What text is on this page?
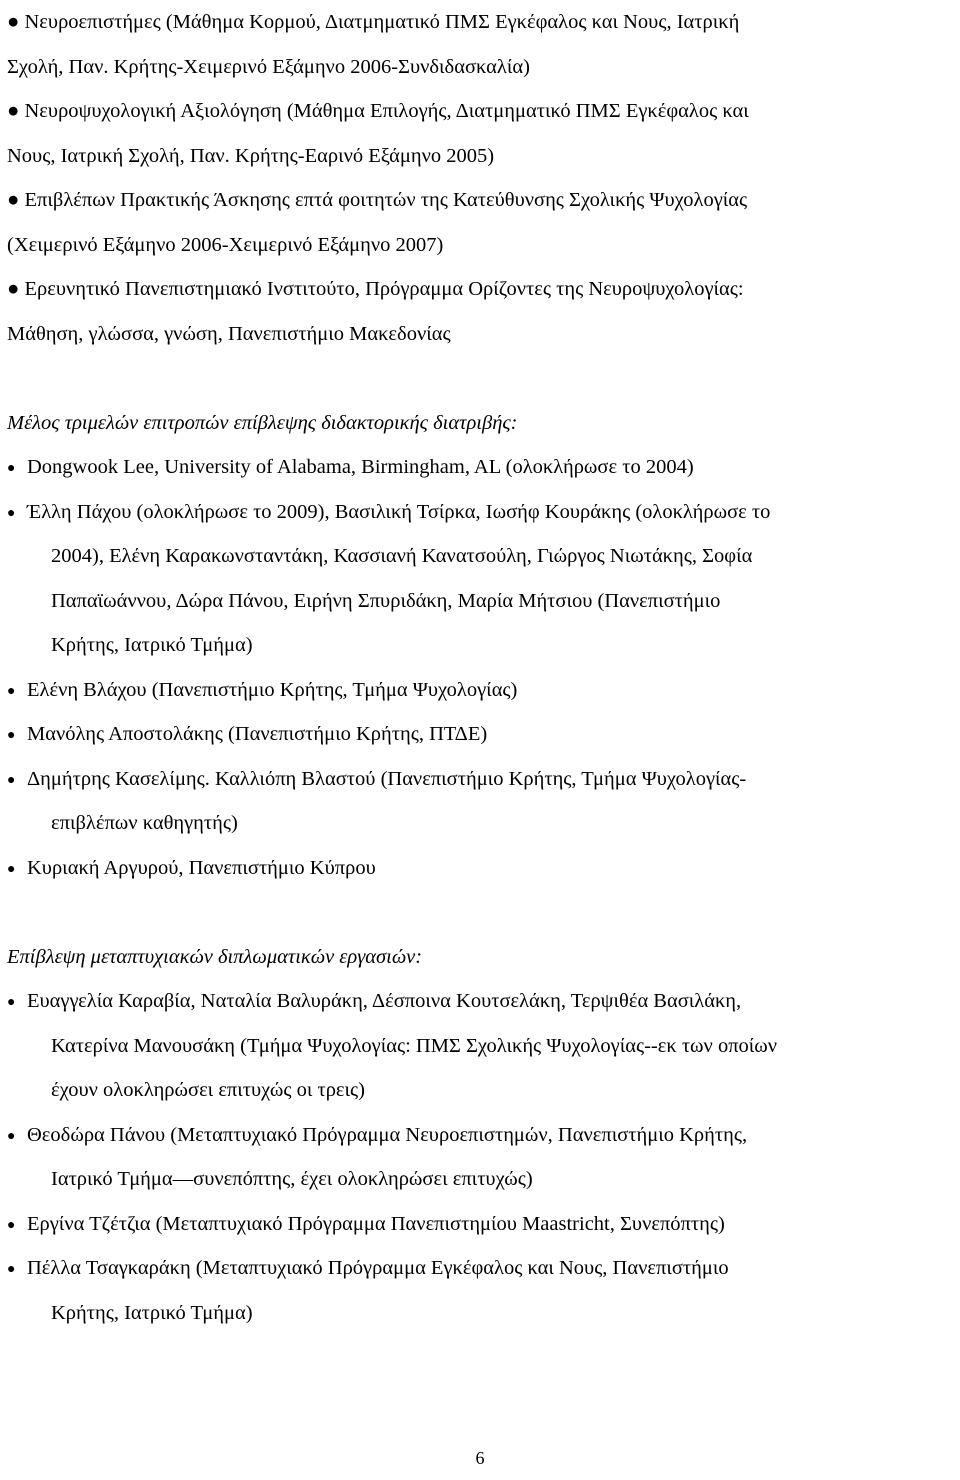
● Νευροεπιστήμες (Μάθημα Κορμού, Διατμηματικό ΠΜΣ Εγκέφαλος και Νους, Ιατρική
Σχολή, Παν. Κρήτης-Χειμερινό Εξάμηνο 2006-Συνδιδασκαλία)
● Νευροψυχολογική Αξιολόγηση (Μάθημα Επιλογής, Διατμηματικό ΠΜΣ Εγκέφαλος και
Νους, Ιατρική Σχολή, Παν. Κρήτης-Εαρινό Εξάμηνο 2005)
● Επιβλέπων Πρακτικής Άσκησης επτά φοιτητών της Κατεύθυνσης Σχολικής Ψυχολογίας
(Χειμερινό Εξάμηνο 2006-Χειμερινό Εξάμηνο 2007)
● Ερευνητικό Πανεπιστημιακό Ινστιτούτο, Πρόγραμμα Ορίζοντες της Νευροψυχολογίας:
Μάθηση, γλώσσα, γνώση, Πανεπιστήμιο Μακεδονίας
Μέλος τριμελών επιτροπών επίβλεψης διδακτορικής διατριβής:
● Dongwook Lee, University of Alabama, Birmingham, AL (ολοκλήρωσε το 2004)
● Έλλη Πάχου (ολοκλήρωσε το 2009), Βασιλική Τσίρκα, Ιωσήφ Κουράκης (ολοκλήρωσε το
2004), Ελένη Καρακωνσταντάκη, Κασσιανή Κανατσούλη, Γιώργος Νιωτάκης, Σοφία
Παπαϊωάννου, Δώρα Πάνου, Ειρήνη Σπυριδάκη, Μαρία Μήτσιου (Πανεπιστήμιο
Κρήτης, Ιατρικό Τμήμα)
● Ελένη Βλάχου (Πανεπιστήμιο Κρήτης, Τμήμα Ψυχολογίας)
● Μανόλης Αποστολάκης (Πανεπιστήμιο Κρήτης, ΠΤΔΕ)
● Δημήτρης Κασελίμης. Καλλιόπη Βλαστού (Πανεπιστήμιο Κρήτης, Τμήμα Ψυχολογίας-
επιβλέπων καθηγητής)
● Κυριακή Αργυρού, Πανεπιστήμιο Κύπρου
Επίβλεψη μεταπτυχιακών διπλωματικών εργασιών:
● Ευαγγελία Καραβία, Ναταλία Βαλυράκη, Δέσποινα Κουτσελάκη, Τερψιθέα Βασιλάκη,
Κατερίνα Μανουσάκη (Τμήμα Ψυχολογίας: ΠΜΣ Σχολικής Ψυχολογίας--εκ των οποίων
έχουν ολοκληρώσει επιτυχώς οι τρεις)
● Θεοδώρα Πάνου (Μεταπτυχιακό Πρόγραμμα Νευροεπιστημών, Πανεπιστήμιο Κρήτης,
Ιατρικό Τμήμα—συνεπόπτης, έχει ολοκληρώσει επιτυχώς)
● Εργίνα Τζέτζια (Μεταπτυχιακό Πρόγραμμα Πανεπιστημίου Maastricht, Συνεπόπτης)
● Πέλλα Τσαγκαράκη (Μεταπτυχιακό Πρόγραμμα Εγκέφαλος και Νους, Πανεπιστήμιο
Κρήτης, Ιατρικό Τμήμα)
6
